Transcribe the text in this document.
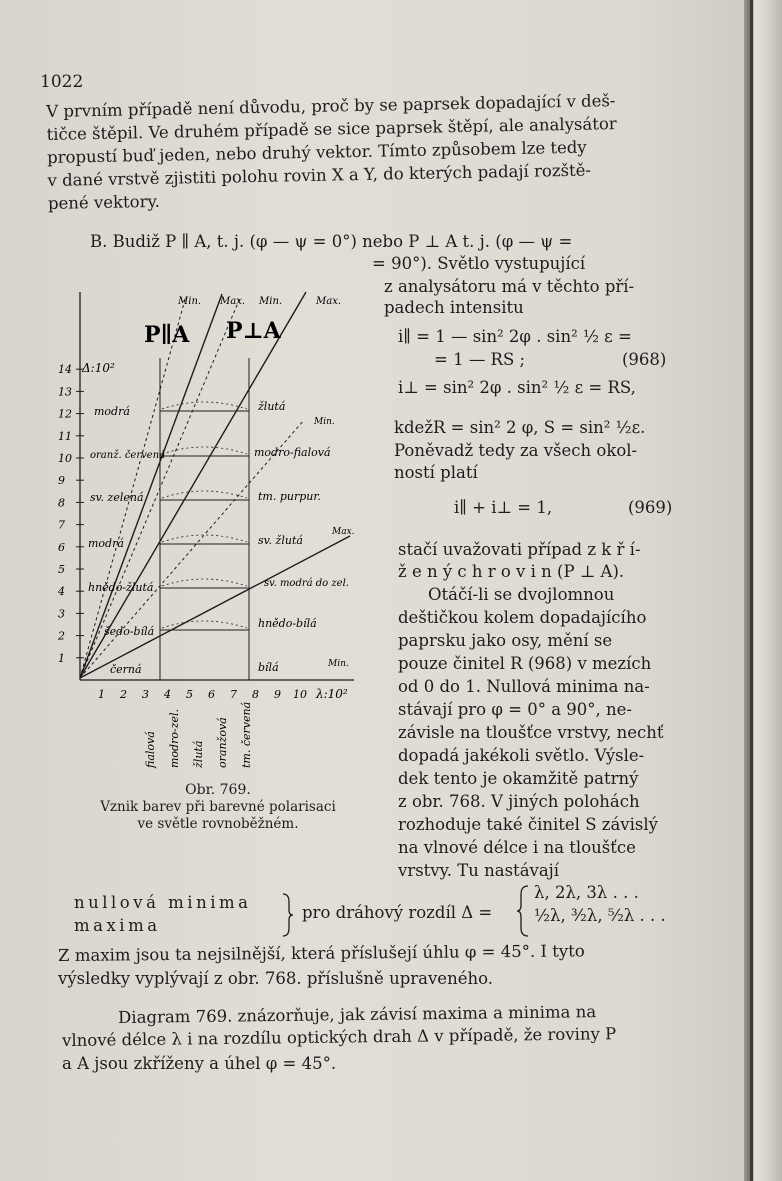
1022
V prvním případě není důvodu, proč by se paprsek dopadající v deš-
tičce štěpil. Ve druhém případě se sice paprsek štěpí, ale analysátor
propustí buď jeden, nebo druhý vektor. Tímto způsobem lze tedy
v dané vrstvě zjistiti polohu rovin X a Y, do kterých padají rozště-
pené vektory.
B. Budiž P ∥ A, t. j. (φ — ψ = 0°) nebo P ⊥ A t. j. (φ — ψ =
= 90°). Světlo vystupující
z analysátoru má v těchto pří-
padech intensitu
i∥ = 1 — sin² 2φ . sin² ½ ε =
= 1 — RS ;	(968)
i⊥ = sin² 2φ . sin² ½ ε = RS,
kdežR = sin² 2 φ, S = sin² ½ε.
Poněvadž tedy za všech okol-
ností platí
i∥ + i⊥ = 1,	(969)
stačí uvažovati případ z k ř í-
ž e n ý c h r o v i n (P ⊥ A).
Otáčí-li se dvojlomnou
deštičkou kolem dopadajícího
paprsku jako osy, mění se
pouze činitel R (968) v mezích
od 0 do 1. Nullová minima na-
stávají pro φ = 0° a 90°, ne-
závisle na tloušťce vrstvy, nechť
dopadá jakékoli světlo. Výsle-
dek tento je okamžitě patrný
z obr. 768. V jiných polohách
rozhoduje také činitel S závislý
na vlnové délce i na tloušťce
vrstvy. Tu nastávají
Obr. 769.
Vznik barev při barevné polarisaci
ve světle rovnoběžném.
nullová minima
maxima
pro dráhový rozdíl Δ =
λ, 2λ, 3λ . . .
½λ, ³⁄₂λ, ⁵⁄₂λ . . .
Z maxim jsou ta nejsilnější, která příslušejí úhlu φ = 45°. I tyto
výsledky vyplývají z obr. 768. příslušně upraveného.
Diagram 769. znázorňuje, jak závisí maxima a minima na
vlnové délce λ i na rozdílu optických drah Δ v případě, že roviny P
a A jsou zkříženy a úhel φ = 45°.
1
2
3
4
5
6
7
8
9
10
11
12
13
14
1 2 3 4 5 6 7 8 9 10
P∥A P⊥A
Min. Max. Min.	Max.
Δ:10²
λ:10²
modrá
oranž. červená
sv. zelená
modrá
hnědo-žlutá
šedo-bílá
černá
žlutá
modro-fialová
tm. purpur.
sv. žlutá
sv. modrá do zel.
hnědo-bílá
bílá
Min.
Max.
Min.
fialová modro-zel. žlutá oranžová tm. červená
